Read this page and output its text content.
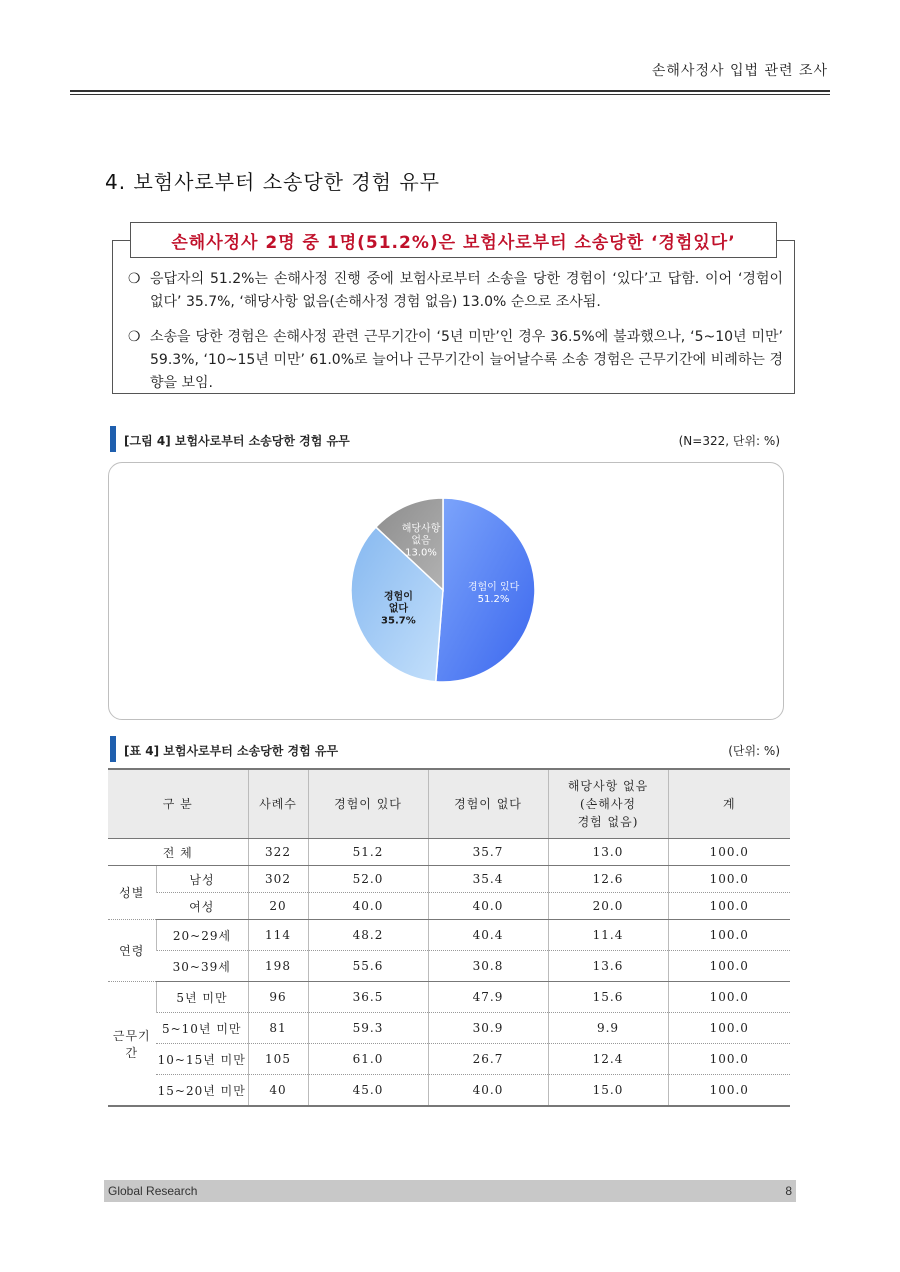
손해사정사 입법 관련 조사
4. 보험사로부터 소송당한 경험 유무
손해사정사 2명 중 1명(51.2%)은 보험사로부터 소송당한 ‘경험있다’
❍ 응답자의 51.2%는 손해사정 진행 중에 보험사로부터 소송을 당한 경험이 ‘있다’고 답함. 이어 ‘경험이 없다’ 35.7%, ‘해당사항 없음(손해사정 경험 없음) 13.0% 순으로 조사됨.
❍ 소송을 당한 경험은 손해사정 관련 근무기간이 ‘5년 미만’인 경우 36.5%에 불과했으나, ‘5~10년 미만’ 59.3%, ‘10~15년 미만’ 61.0%로 늘어나 근무기간이 늘어날수록 소송 경험은 근무기간에 비례하는 경향을 보임.
[그림 4] 보험사로부터 소송당한 경험 유무	(N=322, 단위: %)
경험이 있다
51.2%
경험이
없다
35.7%
해당사항
없음
13.0%
[표 4] 보험사로부터 소송당한 경험 유무	(단위: %)
구 분		사례수	경험이 있다	경험이 없다	해당사항 없음
(손해사정
경험 없음)	계
전 체		322	51.2	35.7	13.0	100.0
성별	남성	302	52.0	35.4	12.6	100.0
	여성	20	40.0	40.0	20.0	100.0
연령	20~29세	114	48.2	40.4	11.4	100.0
	30~39세	198	55.6	30.8	13.6	100.0
근무기간	5년 미만	96	36.5	47.9	15.6	100.0
	5~10년 미만	81	59.3	30.9	9.9	100.0
	10~15년 미만	105	61.0	26.7	12.4	100.0
	15~20년 미만	40	45.0	40.0	15.0	100.0
Global Research	8
